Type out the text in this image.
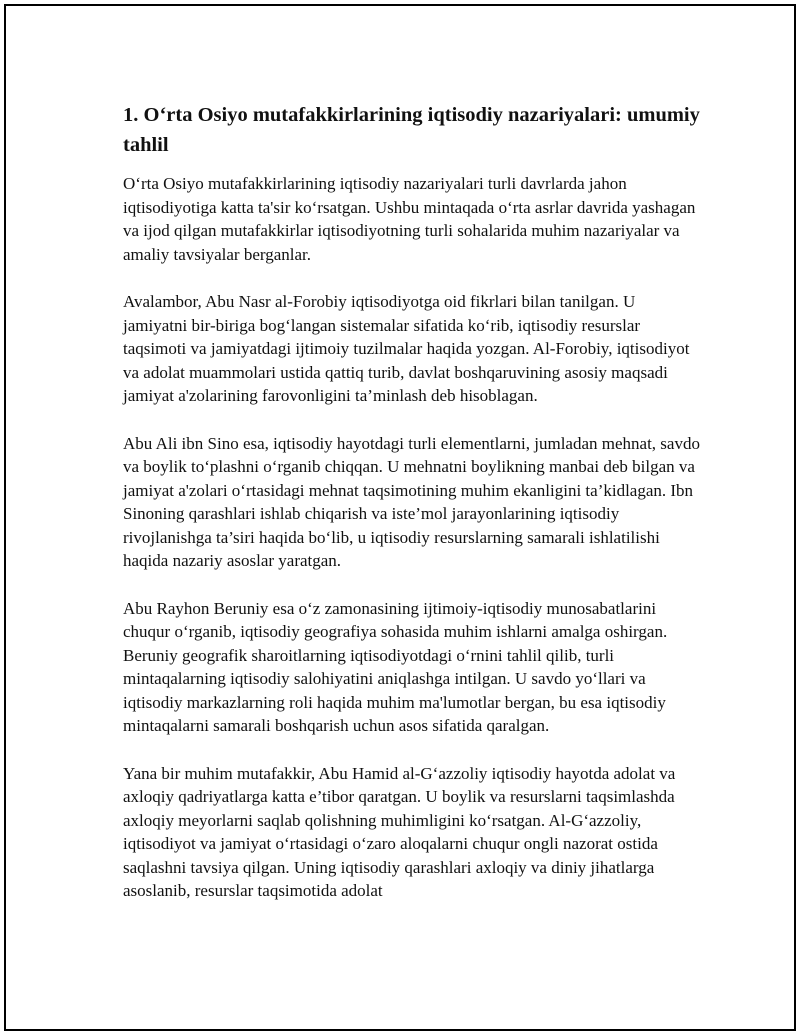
1. O‘rta Osiyo mutafakkirlarining iqtisodiy nazariyalari: umumiy tahlil

O‘rta Osiyo mutafakkirlarining iqtisodiy nazariyalari turli davrlarda jahon iqtisodiyotiga katta ta'sir ko‘rsatgan. Ushbu mintaqada o‘rta asrlar davrida yashagan va ijod qilgan mutafakkirlar iqtisodiyotning turli sohalarida muhim nazariyalar va amaliy tavsiyalar berganlar.

Avalambor, Abu Nasr al-Forobiy iqtisodiyotga oid fikrlari bilan tanilgan. U jamiyatni bir-biriga bog‘langan sistemalar sifatida ko‘rib, iqtisodiy resurslar taqsimoti va jamiyatdagi ijtimoiy tuzilmalar haqida yozgan. Al-Forobiy, iqtisodiyot va adolat muammolari ustida qattiq turib, davlat boshqaruvining asosiy maqsadi jamiyat a'zolarining farovonligini ta’minlash deb hisoblagan.

Abu Ali ibn Sino esa, iqtisodiy hayotdagi turli elementlarni, jumladan mehnat, savdo va boylik to‘plashni o‘rganib chiqqan. U mehnatni boylikning manbai deb bilgan va jamiyat a'zolari o‘rtasidagi mehnat taqsimotining muhim ekanligini ta’kidlagan. Ibn Sinoning qarashlari ishlab chiqarish va iste’mol jarayonlarining iqtisodiy rivojlanishga ta’siri haqida bo‘lib, u iqtisodiy resurslarning samarali ishlatilishi haqida nazariy asoslar yaratgan.

Abu Rayhon Beruniy esa o‘z zamonasining ijtimoiy-iqtisodiy munosabatlarini chuqur o‘rganib, iqtisodiy geografiya sohasida muhim ishlarni amalga oshirgan. Beruniy geografik sharoitlarning iqtisodiyotdagi o‘rnini tahlil qilib, turli mintaqalarning iqtisodiy salohiyatini aniqlashga intilgan. U savdo yo‘llari va iqtisodiy markazlarning roli haqida muhim ma'lumotlar bergan, bu esa iqtisodiy mintaqalarni samarali boshqarish uchun asos sifatida qaralgan.

Yana bir muhim mutafakkir, Abu Hamid al-G‘azzoliy iqtisodiy hayotda adolat va axloqiy qadriyatlarga katta e’tibor qaratgan. U boylik va resurslarni taqsimlashda axloqiy meyorlarni saqlab qolishning muhimligini ko‘rsatgan. Al-G‘azzoliy, iqtisodiyot va jamiyat o‘rtasidagi o‘zaro aloqalarni chuqur ongli nazorat ostida saqlashni tavsiya qilgan. Uning iqtisodiy qarashlari axloqiy va diniy jihatlarga asoslanib, resurslar taqsimotida adolat
